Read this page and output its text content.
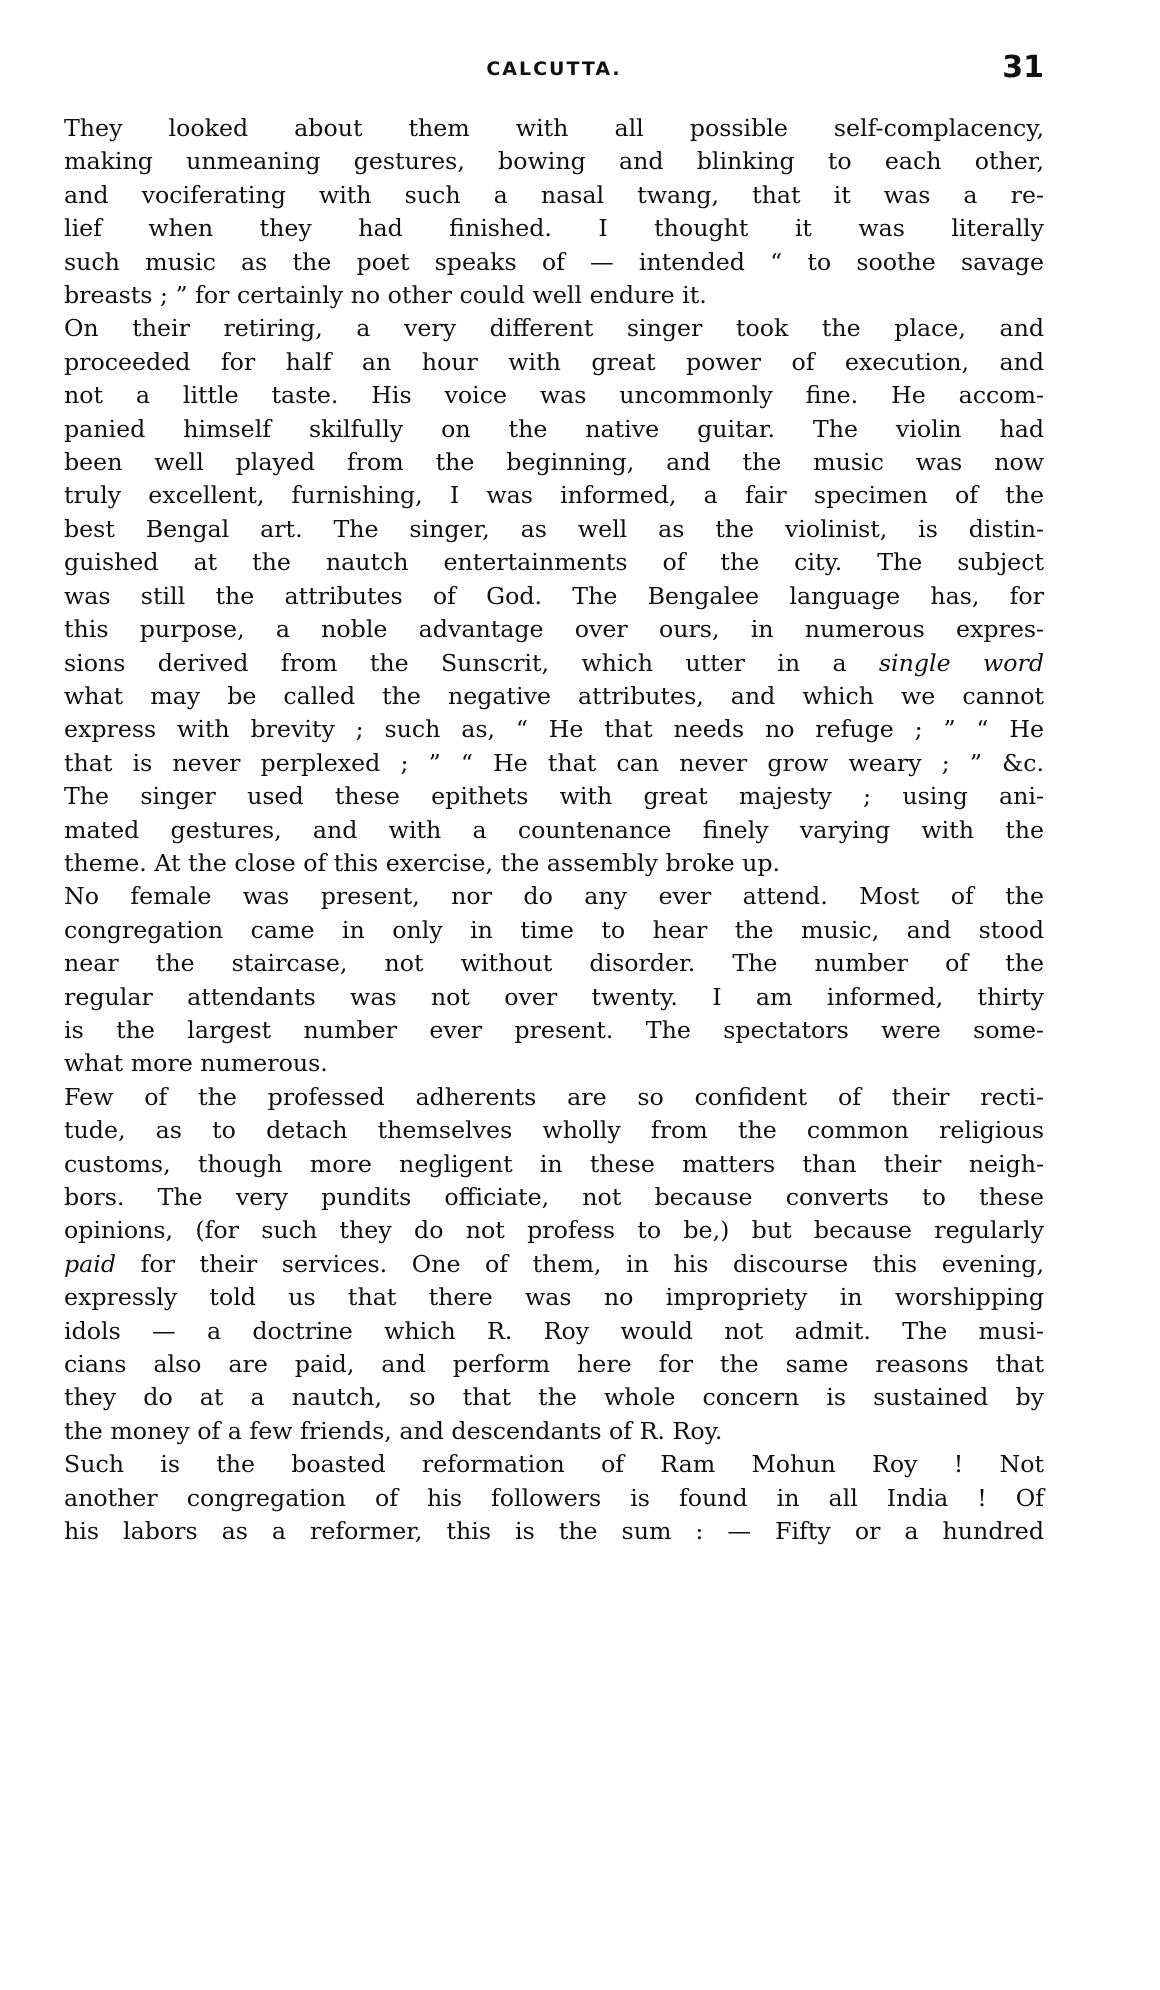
CALCUTTA.	31
They looked about them with all possible self-complacency,
making unmeaning gestures, bowing and blinking to each other,
and vociferating with such a nasal twang, that it was a re-
lief when they had finished. I thought it was literally
such music as the poet speaks of — intended “ to soothe savage
breasts ; ” for certainly no other could well endure it.
On their retiring, a very different singer took the place, and
proceeded for half an hour with great power of execution, and
not a little taste. His voice was uncommonly fine. He accom-
panied himself skilfully on the native guitar. The violin had
been well played from the beginning, and the music was now
truly excellent, furnishing, I was informed, a fair specimen of the
best Bengal art. The singer, as well as the violinist, is distin-
guished at the nautch entertainments of the city. The subject
was still the attributes of God. The Bengalee language has, for
this purpose, a noble advantage over ours, in numerous expres-
sions derived from the Sunscrit, which utter in a single word
what may be called the negative attributes, and which we cannot
express with brevity ; such as, “ He that needs no refuge ; ” “ He
that is never perplexed ; ” “ He that can never grow weary ; ” &c.
The singer used these epithets with great majesty ; using ani-
mated gestures, and with a countenance finely varying with the
theme. At the close of this exercise, the assembly broke up.
No female was present, nor do any ever attend. Most of the
congregation came in only in time to hear the music, and stood
near the staircase, not without disorder. The number of the
regular attendants was not over twenty. I am informed, thirty
is the largest number ever present. The spectators were some-
what more numerous.
Few of the professed adherents are so confident of their recti-
tude, as to detach themselves wholly from the common religious
customs, though more negligent in these matters than their neigh-
bors. The very pundits officiate, not because converts to these
opinions, (for such they do not profess to be,) but because regularly
paid for their services. One of them, in his discourse this evening,
expressly told us that there was no impropriety in worshipping
idols — a doctrine which R. Roy would not admit. The musi-
cians also are paid, and perform here for the same reasons that
they do at a nautch, so that the whole concern is sustained by
the money of a few friends, and descendants of R. Roy.
Such is the boasted reformation of Ram Mohun Roy ! Not
another congregation of his followers is found in all India ! Of
his labors as a reformer, this is the sum : — Fifty or a hundred
